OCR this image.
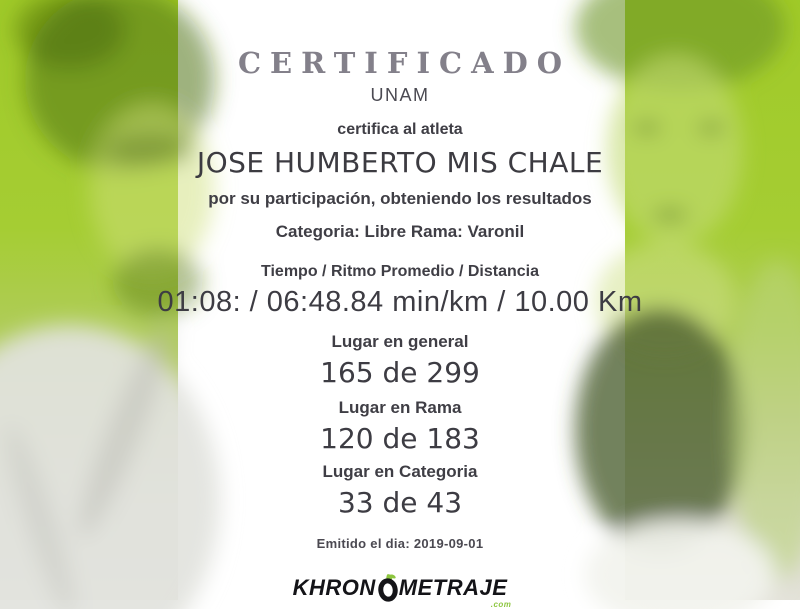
CERTIFICADO
UNAM
certifica al atleta
JOSE HUMBERTO MIS CHALE
por su participación, obteniendo los resultados
Categoria: Libre Rama: Varonil
Tiempo / Ritmo Promedio / Distancia
01:08: / 06:48.84 min/km / 10.00 Km
Lugar en general
165 de 299
Lugar en Rama
120 de 183
Lugar en Categoria
33 de 43
Emitido el dia: 2019-09-01
KHRON METRAJE
.com
